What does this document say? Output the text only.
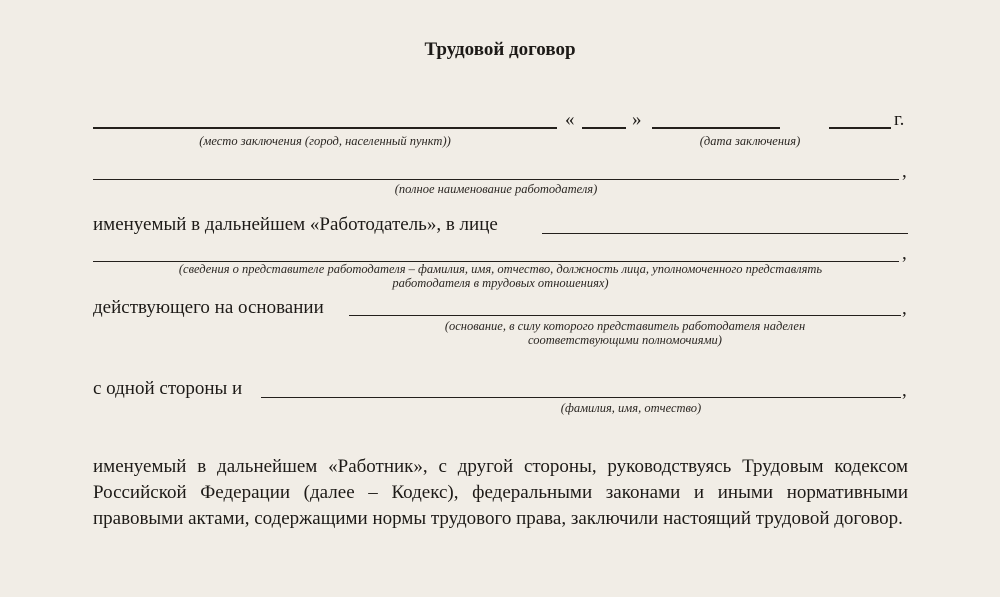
Трудовой договор
«	»	г.
(место заключения (город, населенный пункт))	(дата заключения)
,
(полное наименование работодателя)
именуемый в дальнейшем «Работодатель», в лице
,
(сведения о представителе работодателя – фамилия, имя, отчество, должность лица, уполномоченного представлять
работодателя в трудовых отношениях)
действующего на основании	,
(основание, в силу которого представитель работодателя наделен
соответствующими полномочиями)
с одной стороны и	,
(фамилия, имя, отчество)
именуемый в дальнейшем «Работник», с другой стороны, руководствуясь Трудовым кодексом Российской Федерации (далее – Кодекс), федеральными законами и иными нормативными правовыми актами, содержащими нормы трудового права, заключили настоящий трудовой договор.
